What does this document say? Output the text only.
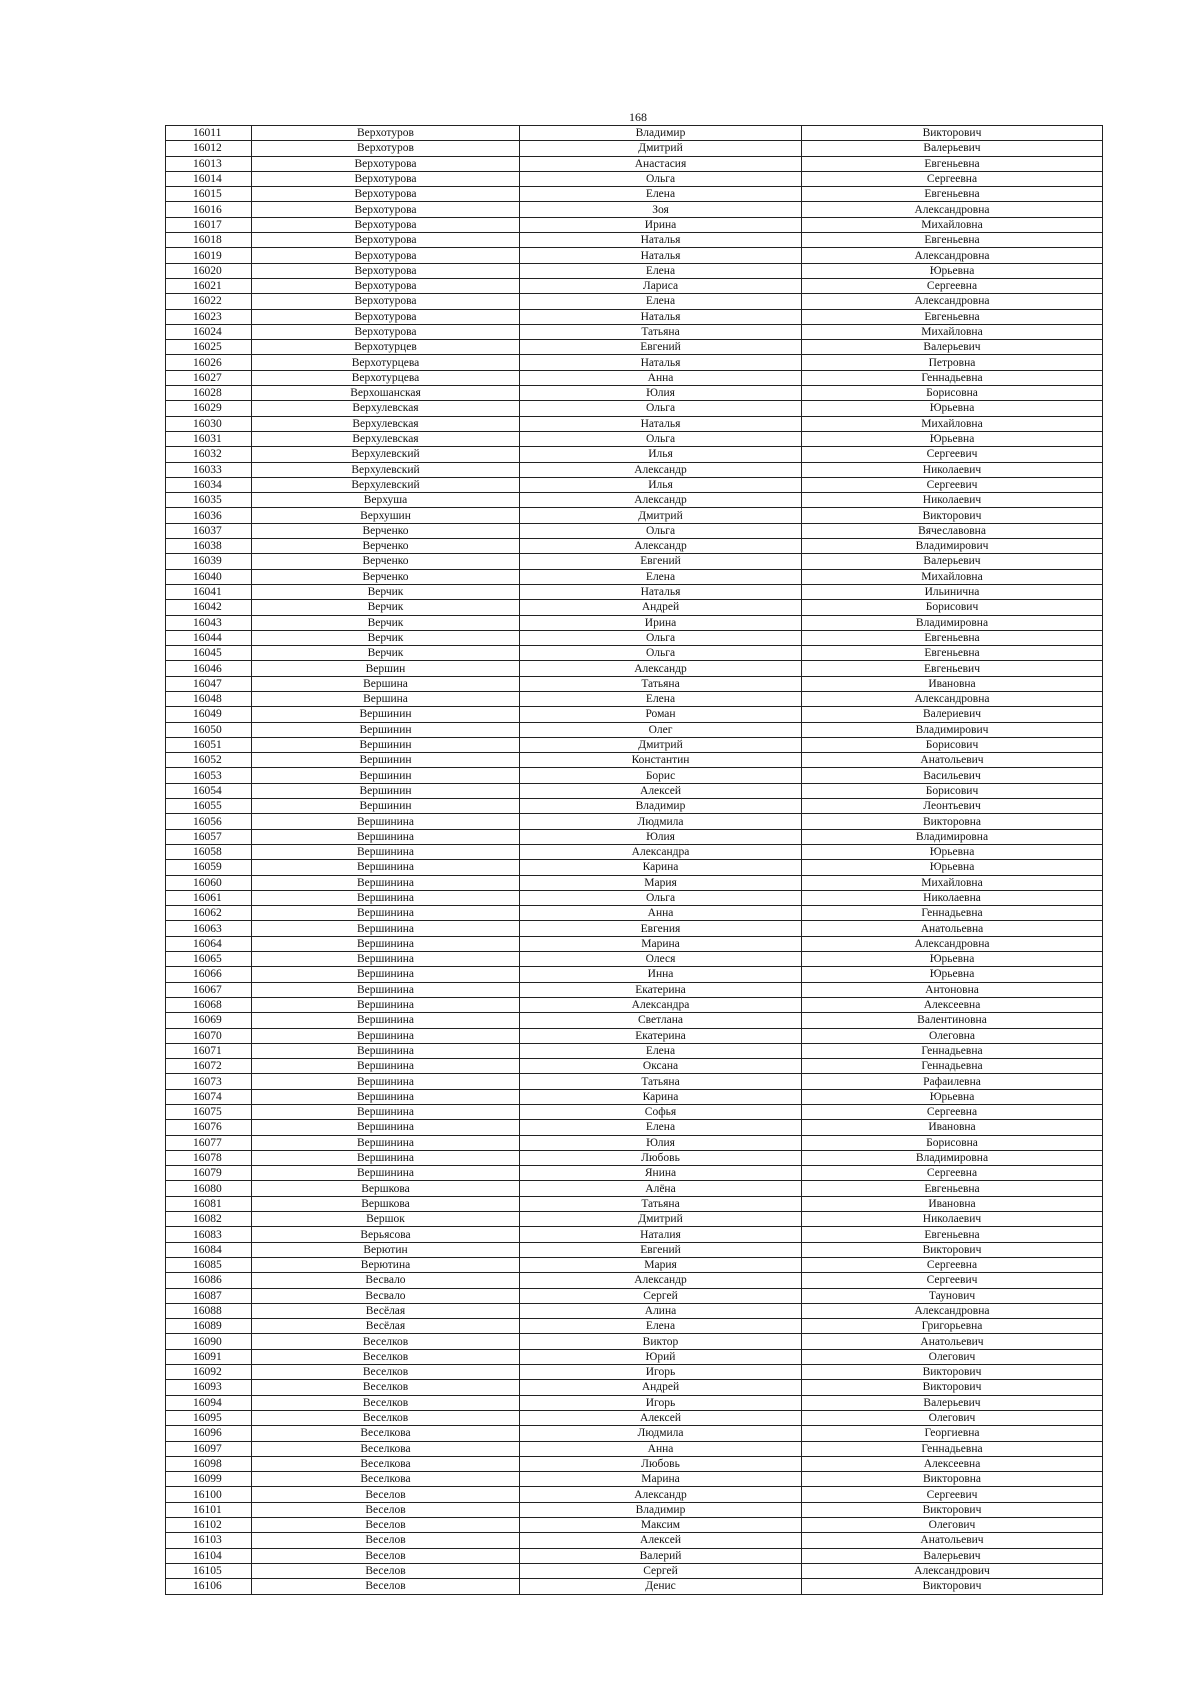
168
16011	Верхотуров	Владимир	Викторович
16012	Верхотуров	Дмитрий	Валерьевич
16013	Верхотурова	Анастасия	Евгеньевна
16014	Верхотурова	Ольга	Сергеевна
16015	Верхотурова	Елена	Евгеньевна
16016	Верхотурова	Зоя	Александровна
16017	Верхотурова	Ирина	Михайловна
16018	Верхотурова	Наталья	Евгеньевна
16019	Верхотурова	Наталья	Александровна
16020	Верхотурова	Елена	Юрьевна
16021	Верхотурова	Лариса	Сергеевна
16022	Верхотурова	Елена	Александровна
16023	Верхотурова	Наталья	Евгеньевна
16024	Верхотурова	Татьяна	Михайловна
16025	Верхотурцев	Евгений	Валерьевич
16026	Верхотурцева	Наталья	Петровна
16027	Верхотурцева	Анна	Геннадьевна
16028	Верхошанская	Юлия	Борисовна
16029	Верхулевская	Ольга	Юрьевна
16030	Верхулевская	Наталья	Михайловна
16031	Верхулевская	Ольга	Юрьевна
16032	Верхулевский	Илья	Сергеевич
16033	Верхулевский	Александр	Николаевич
16034	Верхулевский	Илья	Сергеевич
16035	Верхуша	Александр	Николаевич
16036	Верхушин	Дмитрий	Викторович
16037	Верченко	Ольга	Вячеславовна
16038	Верченко	Александр	Владимирович
16039	Верченко	Евгений	Валерьевич
16040	Верченко	Елена	Михайловна
16041	Верчик	Наталья	Ильинична
16042	Верчик	Андрей	Борисович
16043	Верчик	Ирина	Владимировна
16044	Верчик	Ольга	Евгеньевна
16045	Верчик	Ольга	Евгеньевна
16046	Вершин	Александр	Евгеньевич
16047	Вершина	Татьяна	Ивановна
16048	Вершина	Елена	Александровна
16049	Вершинин	Роман	Валериевич
16050	Вершинин	Олег	Владимирович
16051	Вершинин	Дмитрий	Борисович
16052	Вершинин	Константин	Анатольевич
16053	Вершинин	Борис	Васильевич
16054	Вершинин	Алексей	Борисович
16055	Вершинин	Владимир	Леонтьевич
16056	Вершинина	Людмила	Викторовна
16057	Вершинина	Юлия	Владимировна
16058	Вершинина	Александра	Юрьевна
16059	Вершинина	Карина	Юрьевна
16060	Вершинина	Мария	Михайловна
16061	Вершинина	Ольга	Николаевна
16062	Вершинина	Анна	Геннадьевна
16063	Вершинина	Евгения	Анатольевна
16064	Вершинина	Марина	Александровна
16065	Вершинина	Олеся	Юрьевна
16066	Вершинина	Инна	Юрьевна
16067	Вершинина	Екатерина	Антоновна
16068	Вершинина	Александра	Алексеевна
16069	Вершинина	Светлана	Валентиновна
16070	Вершинина	Екатерина	Олеговна
16071	Вершинина	Елена	Геннадьевна
16072	Вершинина	Оксана	Геннадьевна
16073	Вершинина	Татьяна	Рафаилевна
16074	Вершинина	Карина	Юрьевна
16075	Вершинина	Софья	Сергеевна
16076	Вершинина	Елена	Ивановна
16077	Вершинина	Юлия	Борисовна
16078	Вершинина	Любовь	Владимировна
16079	Вершинина	Янина	Сергеевна
16080	Вершкова	Алёна	Евгеньевна
16081	Вершкова	Татьяна	Ивановна
16082	Вершок	Дмитрий	Николаевич
16083	Верьясова	Наталия	Евгеньевна
16084	Верютин	Евгений	Викторович
16085	Верютина	Мария	Сергеевна
16086	Весвало	Александр	Сергеевич
16087	Весвало	Сергей	Таунович
16088	Весёлая	Алина	Александровна
16089	Весёлая	Елена	Григорьевна
16090	Веселков	Виктор	Анатольевич
16091	Веселков	Юрий	Олегович
16092	Веселков	Игорь	Викторович
16093	Веселков	Андрей	Викторович
16094	Веселков	Игорь	Валерьевич
16095	Веселков	Алексей	Олегович
16096	Веселкова	Людмила	Георгиевна
16097	Веселкова	Анна	Геннадьевна
16098	Веселкова	Любовь	Алексеевна
16099	Веселкова	Марина	Викторовна
16100	Веселов	Александр	Сергеевич
16101	Веселов	Владимир	Викторович
16102	Веселов	Максим	Олегович
16103	Веселов	Алексей	Анатольевич
16104	Веселов	Валерий	Валерьевич
16105	Веселов	Сергей	Александрович
16106	Веселов	Денис	Викторович
